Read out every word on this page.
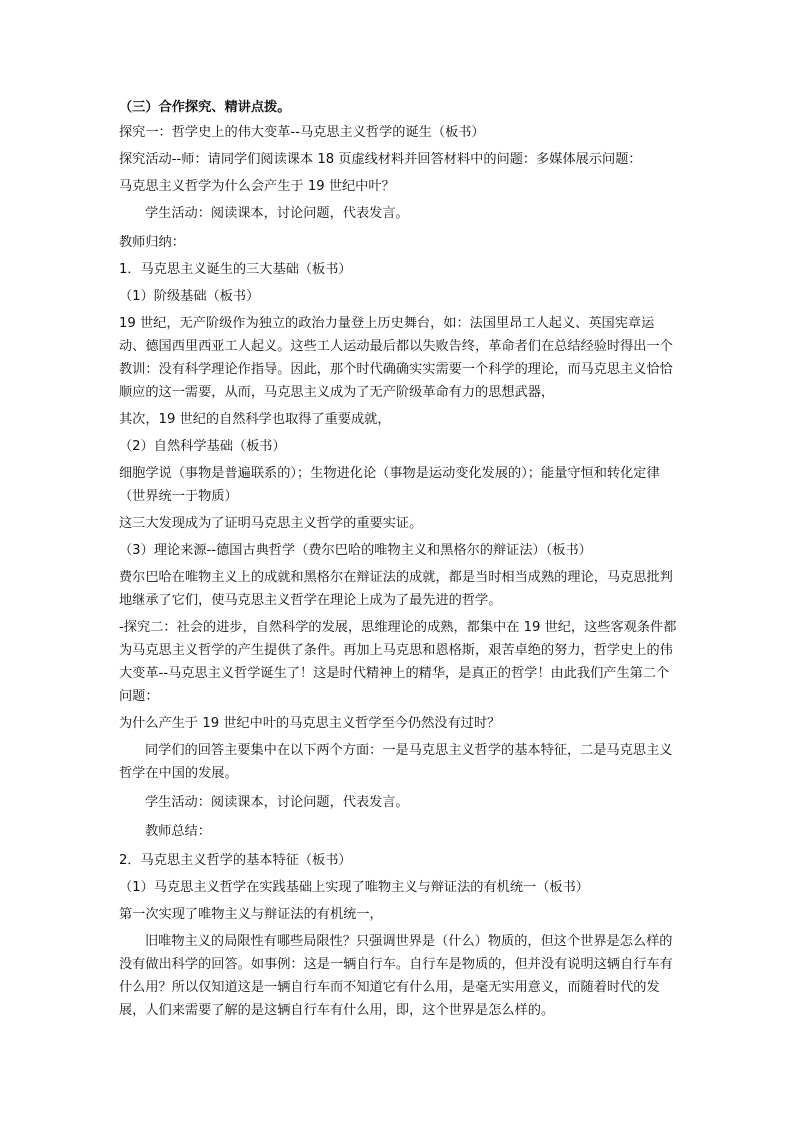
（三）合作探究、精讲点拨。

探究一：哲学史上的伟大变革--马克思主义哲学的诞生（板书）

探究活动--师：请同学们阅读课本 18 页虚线材料并回答材料中的问题：多媒体展示问题：

马克思主义哲学为什么会产生于 19 世纪中叶？

学生活动：阅读课本，讨论问题，代表发言。

教师归纳：

1．马克思主义诞生的三大基础（板书）

（1）阶级基础（板书）

19 世纪，无产阶级作为独立的政治力量登上历史舞台，如：法国里昂工人起义、英国宪章运动、德国西里西亚工人起义。这些工人运动最后都以失败告终，革命者们在总结经验时得出一个教训：没有科学理论作指导。因此，那个时代确确实实需要一个科学的理论，而马克思主义恰恰顺应的这一需要，从而，马克思主义成为了无产阶级革命有力的思想武器，

其次，19 世纪的自然科学也取得了重要成就，

（2）自然科学基础（板书）

细胞学说（事物是普遍联系的）；生物进化论（事物是运动变化发展的）；能量守恒和转化定律（世界统一于物质）

这三大发现成为了证明马克思主义哲学的重要实证。

（3）理论来源--德国古典哲学（费尔巴哈的唯物主义和黑格尔的辩证法）（板书）

费尔巴哈在唯物主义上的成就和黑格尔在辩证法的成就，都是当时相当成熟的理论，马克思批判地继承了它们，使马克思主义哲学在理论上成为了最先进的哲学。

-探究二：社会的进步，自然科学的发展，思维理论的成熟，都集中在 19 世纪，这些客观条件都为马克思主义哲学的产生提供了条件。再加上马克思和恩格斯，艰苦卓绝的努力，哲学史上的伟大变革--马克思主义哲学诞生了！这是时代精神上的精华，是真正的哲学！由此我们产生第二个问题：

为什么产生于 19 世纪中叶的马克思主义哲学至今仍然没有过时？

同学们的回答主要集中在以下两个方面：一是马克思主义哲学的基本特征，二是马克思主义哲学在中国的发展。

学生活动：阅读课本，讨论问题，代表发言。

教师总结：

2．马克思主义哲学的基本特征（板书）

（1）马克思主义哲学在实践基础上实现了唯物主义与辩证法的有机统一（板书）

第一次实现了唯物主义与辩证法的有机统一，

旧唯物主义的局限性有哪些局限性？只强调世界是（什么）物质的，但这个世界是怎么样的没有做出科学的回答。如事例：这是一辆自行车。自行车是物质的，但并没有说明这辆自行车有什么用？所以仅知道这是一辆自行车而不知道它有什么用，是毫无实用意义，而随着时代的发展，人们来需要了解的是这辆自行车有什么用，即，这个世界是怎么样的。
